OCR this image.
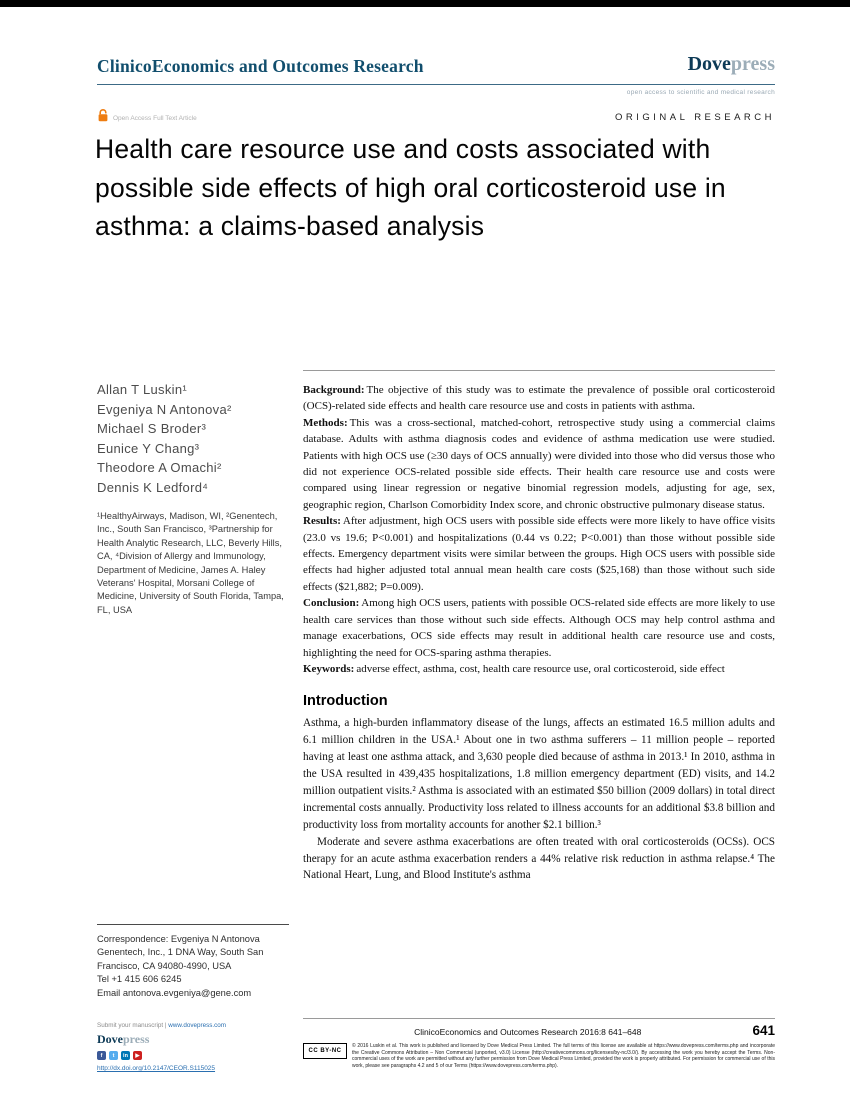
ClinicoEconomics and Outcomes Research	Dovepress
open access to scientific and medical research
Open Access Full Text Article	ORIGINAL RESEARCH
Health care resource use and costs associated with possible side effects of high oral corticosteroid use in asthma: a claims-based analysis
Allan T Luskin¹
Evgeniya N Antonova²
Michael S Broder³
Eunice Y Chang³
Theodore A Omachi²
Dennis K Ledford⁴
¹HealthyAirways, Madison, WI, ²Genentech, Inc., South San Francisco, ³Partnership for Health Analytic Research, LLC, Beverly Hills, CA, ⁴Division of Allergy and Immunology, Department of Medicine, James A. Haley Veterans' Hospital, Morsani College of Medicine, University of South Florida, Tampa, FL, USA
Correspondence: Evgeniya N Antonova
Genentech, Inc., 1 DNA Way, South San Francisco, CA 94080-4990, USA
Tel +1 415 606 6245
Email antonova.evgeniya@gene.com

Background: The objective of this study was to estimate the prevalence of possible oral corticosteroid (OCS)-related side effects and health care resource use and costs in patients with asthma.

Methods: This was a cross-sectional, matched-cohort, retrospective study using a commercial claims database. Adults with asthma diagnosis codes and evidence of asthma medication use were studied. Patients with high OCS use (≥30 days of OCS annually) were divided into those who did versus those who did not experience OCS-related possible side effects. Their health care resource use and costs were compared using linear regression or negative binomial regression models, adjusting for age, sex, geographic region, Charlson Comorbidity Index score, and chronic obstructive pulmonary disease status.

Results: After adjustment, high OCS users with possible side effects were more likely to have office visits (23.0 vs 19.6; P<0.001) and hospitalizations (0.44 vs 0.22; P<0.001) than those without possible side effects. Emergency department visits were similar between the groups. High OCS users with possible side effects had higher adjusted total annual mean health care costs ($25,168) than those without such side effects ($21,882; P=0.009).

Conclusion: Among high OCS users, patients with possible OCS-related side effects are more likely to use health care services than those without such side effects. Although OCS may help control asthma and manage exacerbations, OCS side effects may result in additional health care resource use and costs, highlighting the need for OCS-sparing asthma therapies.

Keywords: adverse effect, asthma, cost, health care resource use, oral corticosteroid, side effect

Introduction

Asthma, a high-burden inflammatory disease of the lungs, affects an estimated 16.5 million adults and 6.1 million children in the USA.¹ About one in two asthma sufferers – 11 million people – reported having at least one asthma attack, and 3,630 people died because of asthma in 2013.¹ In 2010, asthma in the USA resulted in 439,435 hospitalizations, 1.8 million emergency department (ED) visits, and 14.2 million outpatient visits.² Asthma is associated with an estimated $50 billion (2009 dollars) in total direct incremental costs annually. Productivity loss related to illness accounts for an additional $3.8 billion and productivity loss from mortality accounts for another $2.1 billion.³

Moderate and severe asthma exacerbations are often treated with oral corticosteroids (OCSs). OCS therapy for an acute asthma exacerbation renders a 44% relative risk reduction in asthma relapse.⁴ The National Heart, Lung, and Blood Institute's asthma

Submit your manuscript | www.dovepress.com
Dovepress
f	t	in	▶
http://dx.doi.org/10.2147/CEOR.S115025
ClinicoEconomics and Outcomes Research 2016:8 641–648	641
CC BY-NC

© 2016 Luskin et al. This work is published and licensed by Dove Medical Press Limited. The full terms of this license are available at https://www.dovepress.com/terms.php and incorporate the Creative Commons Attribution – Non Commercial (unported, v3.0) License (http://creativecommons.org/licenses/by-nc/3.0/). By accessing the work you hereby accept the Terms. Non-commercial uses of the work are permitted without any further permission from Dove Medical Press Limited, provided the work is properly attributed. For permission for commercial use of this work, please see paragraphs 4.2 and 5 of our Terms (https://www.dovepress.com/terms.php).
